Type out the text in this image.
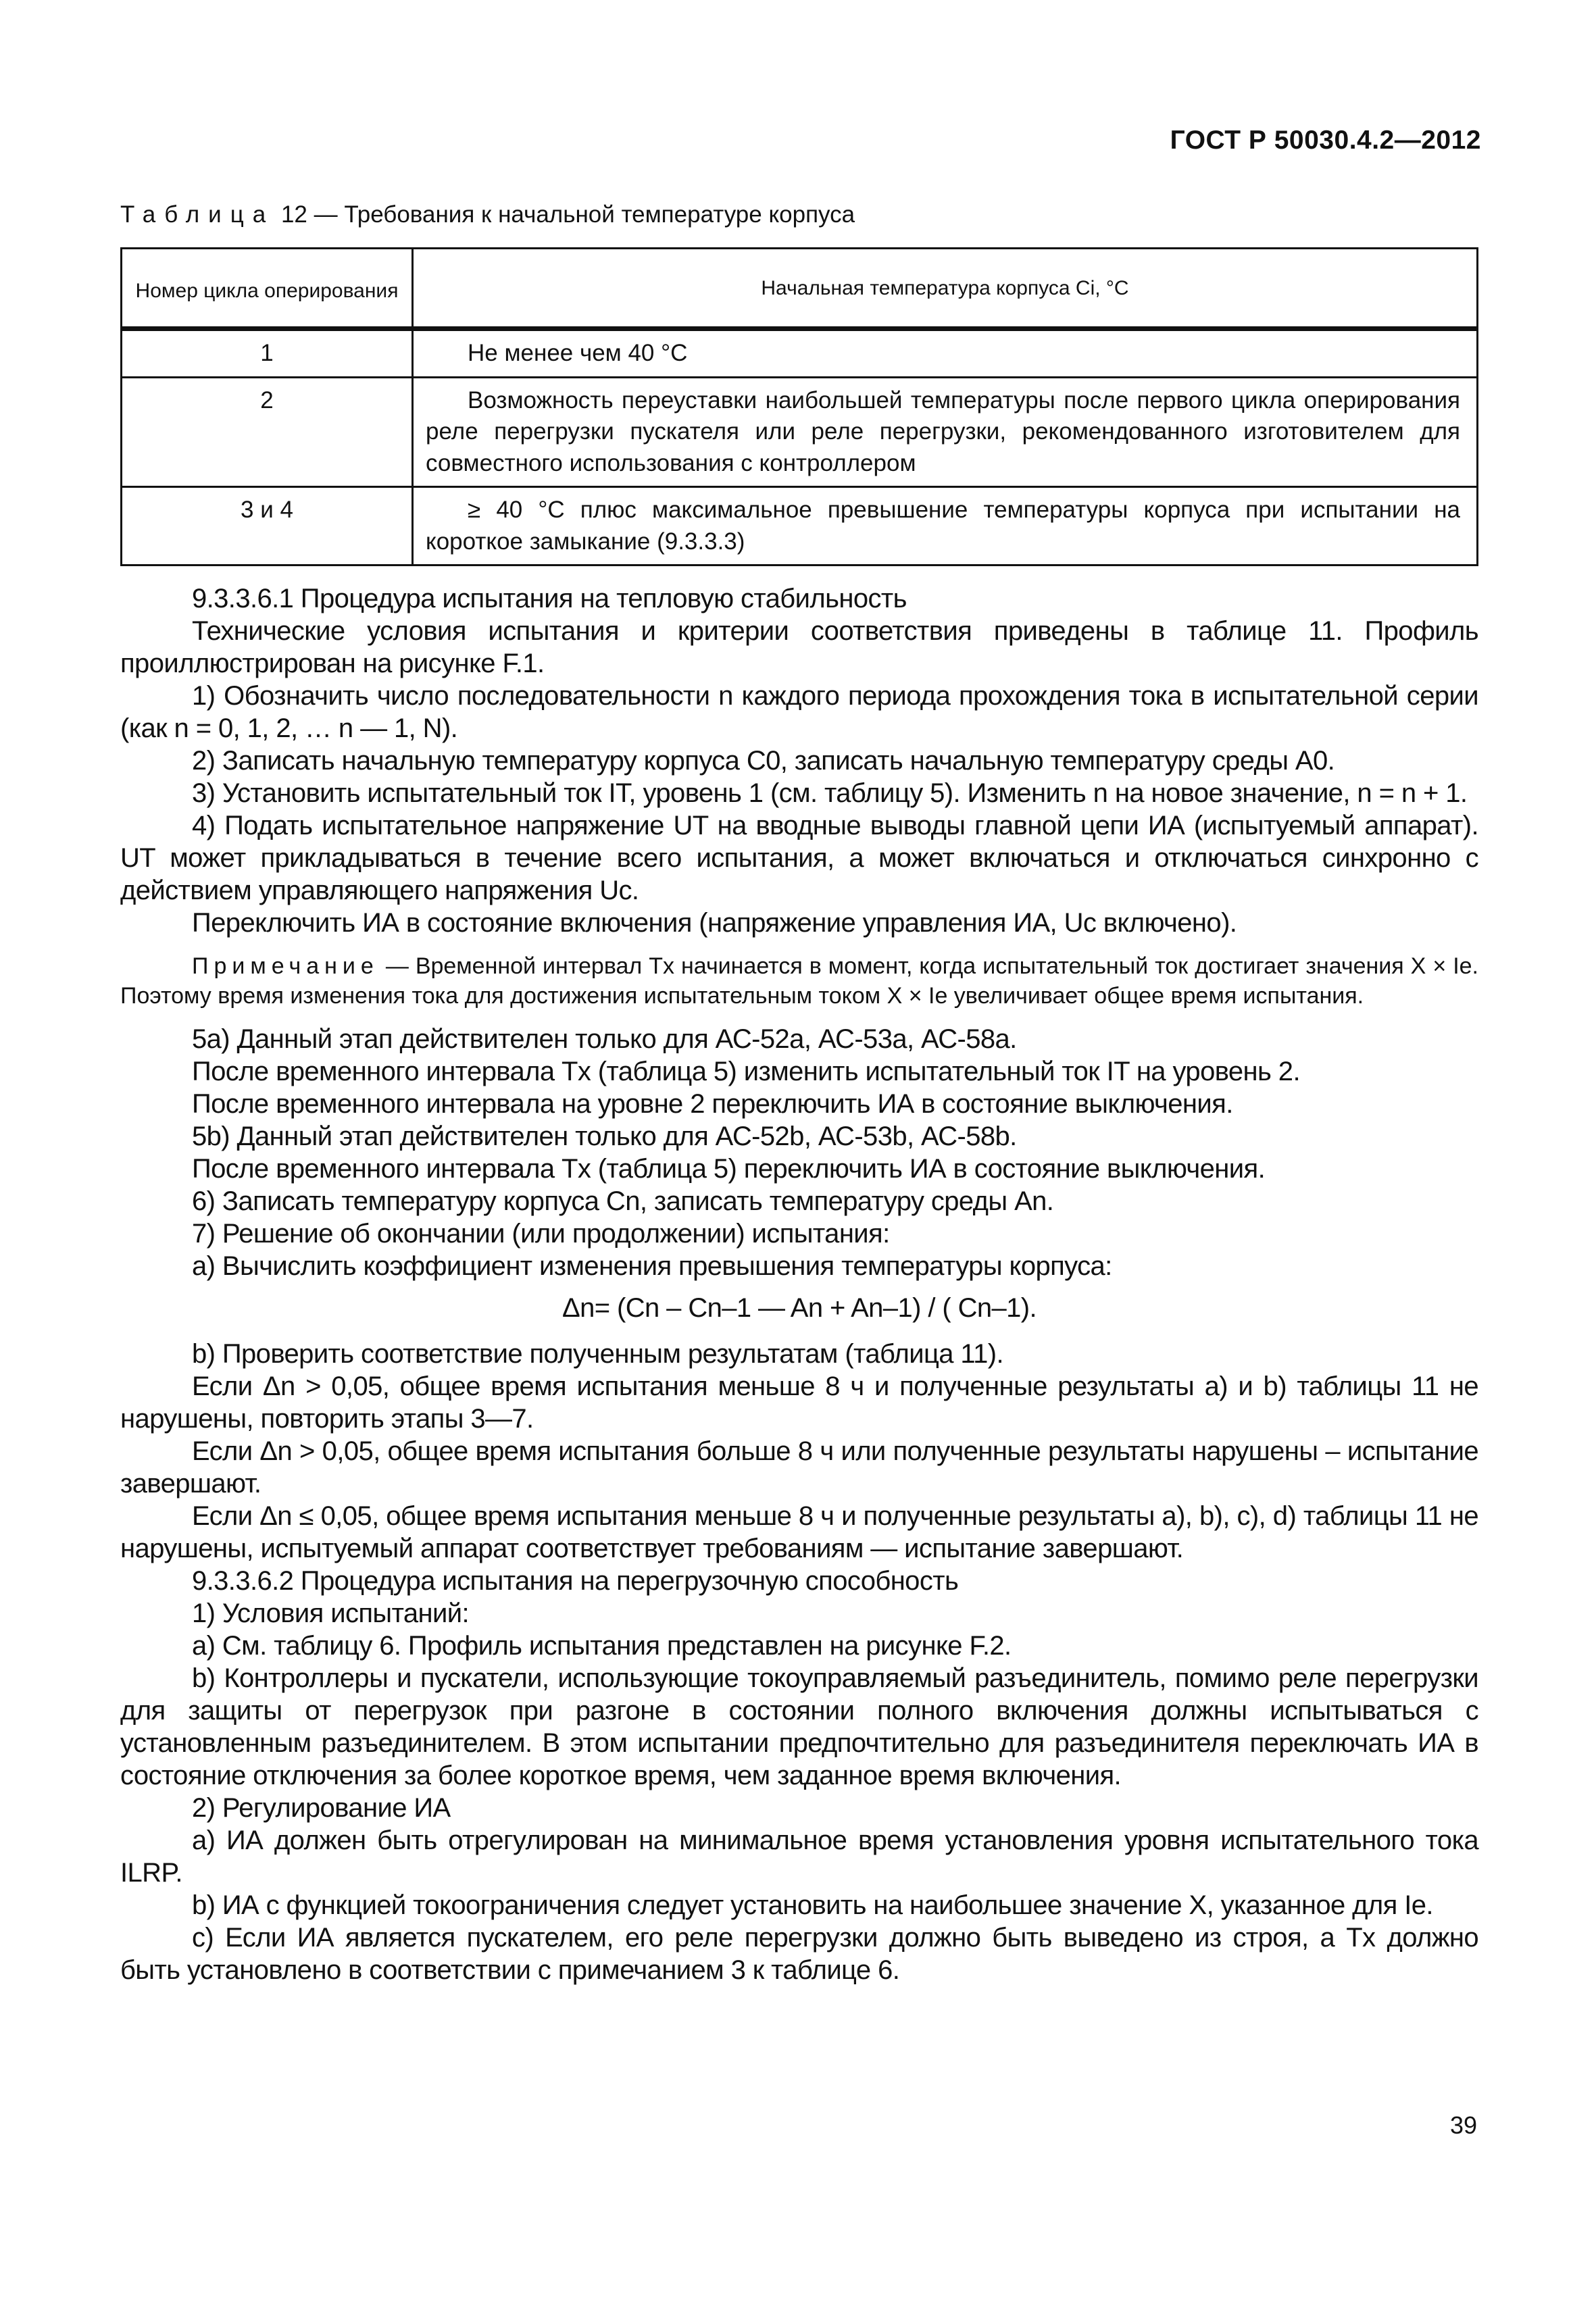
ГОСТ Р 50030.4.2—2012
Таблица 12 — Требования к начальной температуре корпуса
Номер цикла оперирования	Начальная температура корпуса Ci, °С
1	Не менее чем 40 °С
2	Возможность переуставки наибольшей температуры после первого цикла оперирования реле перегрузки пускателя или реле перегрузки, рекомендованного изготовителем для совместного использования с контроллером
3 и 4	≥ 40 °С плюс максимальное превышение температуры корпуса при испытании на короткое замыкание (9.3.3.3)

9.3.3.6.1 Процедура испытания на тепловую стабильность

Технические условия испытания и критерии соответствия приведены в таблице 11. Профиль проиллюстрирован на рисунке F.1.

1) Обозначить число последовательности n каждого периода прохождения тока в испытательной серии (как n = 0, 1, 2, … n — 1, N).

2) Записать начальную температуру корпуса C0, записать начальную температуру среды A0.

3) Установить испытательный ток IT, уровень 1 (см. таблицу 5). Изменить n на новое значение, n = n + 1.

4) Подать испытательное напряжение UT на вводные выводы главной цепи ИА (испытуемый аппарат). UT может прикладываться в течение всего испытания, а может включаться и отключаться синхронно с действием управляющего напряжения Uc.

Переключить ИА в состояние включения (напряжение управления ИА, Uc включено).

Примечание — Временной интервал Tx начинается в момент, когда испытательный ток достигает значения X × Ie. Поэтому время изменения тока для достижения испытательным током X × Ie увеличивает общее время испытания.

5a) Данный этап действителен только для АС-52а, АС-53а, АС-58а.

После временного интервала Tx (таблица 5) изменить испытательный ток IT на уровень 2.

После временного интервала на уровне 2 переключить ИА в состояние выключения.

5b) Данный этап действителен только для АС-52b, АС-53b, АС-58b.

После временного интервала Tx (таблица 5) переключить ИА в состояние выключения.

6) Записать температуру корпуса Cn, записать температуру среды An.

7) Решение об окончании (или продолжении) испытания:

a) Вычислить коэффициент изменения превышения температуры корпуса:

Δn= (Cn – Cn–1 — An + An–1) / ( Cn–1).

b) Проверить соответствие полученным результатам (таблица 11).

Если Δn > 0,05, общее время испытания меньше 8 ч и полученные результаты a) и b) таблицы 11 не нарушены, повторить этапы 3—7.

Если Δn > 0,05, общее время испытания больше 8 ч или полученные результаты нарушены – испытание завершают.

Если Δn ≤ 0,05, общее время испытания меньше 8 ч и полученные результаты a), b), c), d) таблицы 11 не нарушены, испытуемый аппарат соответствует требованиям — испытание завершают.

9.3.3.6.2 Процедура испытания на перегрузочную способность

1) Условия испытаний:

a) См. таблицу 6. Профиль испытания представлен на рисунке F.2.

b) Контроллеры и пускатели, использующие токоуправляемый разъединитель, помимо реле перегрузки для защиты от перегрузок при разгоне в состоянии полного включения должны испытываться с установленным разъединителем. В этом испытании предпочтительно для разъединителя переключать ИА в состояние отключения за более короткое время, чем заданное время включения.

2) Регулирование ИА

a) ИА должен быть отрегулирован на минимальное время установления уровня испытательного тока ILRP.

b) ИА с функцией токоограничения следует установить на наибольшее значение X, указанное для Ie.

c) Если ИА является пускателем, его реле перегрузки должно быть выведено из строя, а Tx должно быть установлено в соответствии с примечанием 3 к таблице 6.

39
